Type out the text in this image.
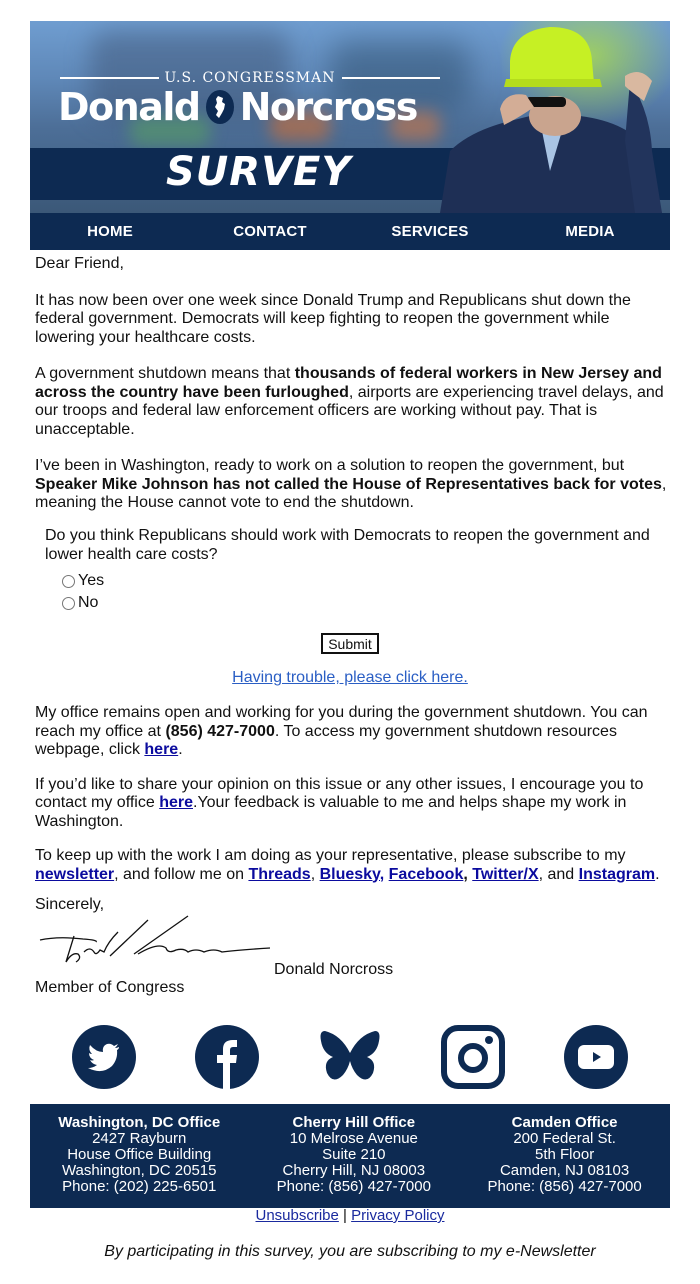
U.S. CONGRESSMAN
Donald Norcross
SURVEY
HOME	CONTACT	SERVICES	MEDIA

Dear Friend,

It has now been over one week since Donald Trump and Republicans shut down the federal government. Democrats will keep fighting to reopen the government while lowering your healthcare costs.

A government shutdown means that thousands of federal workers in New Jersey and across the country have been furloughed, airports are experiencing travel delays, and our troops and federal law enforcement officers are working without pay. That is unacceptable.

I’ve been in Washington, ready to work on a solution to reopen the government, but Speaker Mike Johnson has not called the House of Representatives back for votes, meaning the House cannot vote to end the shutdown.

Do you think Republicans should work with Democrats to reopen the government and lower health care costs?
Yes
No
Submit
Having trouble, please click here.

My office remains open and working for you during the government shutdown. You can reach my office at (856) 427-7000. To access my government shutdown resources webpage, click here.

If you’d like to share your opinion on this issue or any other issues, I encourage you to contact my office here.Your feedback is valuable to me and helps shape my work in Washington.

To keep up with the work I am doing as your representative, please subscribe to my newsletter, and follow me on Threads, Bluesky, Facebook, Twitter/X, and Instagram.

Sincerely,
Donald Norcross
Member of Congress
Washington, DC Office
2427 Rayburn
House Office Building
Washington, DC 20515
Phone: (202) 225-6501
Cherry Hill Office
10 Melrose Avenue
Suite 210
Cherry Hill, NJ 08003
Phone: (856) 427-7000
Camden Office
200 Federal St.
5th Floor
Camden, NJ 08103
Phone: (856) 427-7000
Unsubscribe | Privacy Policy
By participating in this survey, you are subscribing to my e-Newsletter
